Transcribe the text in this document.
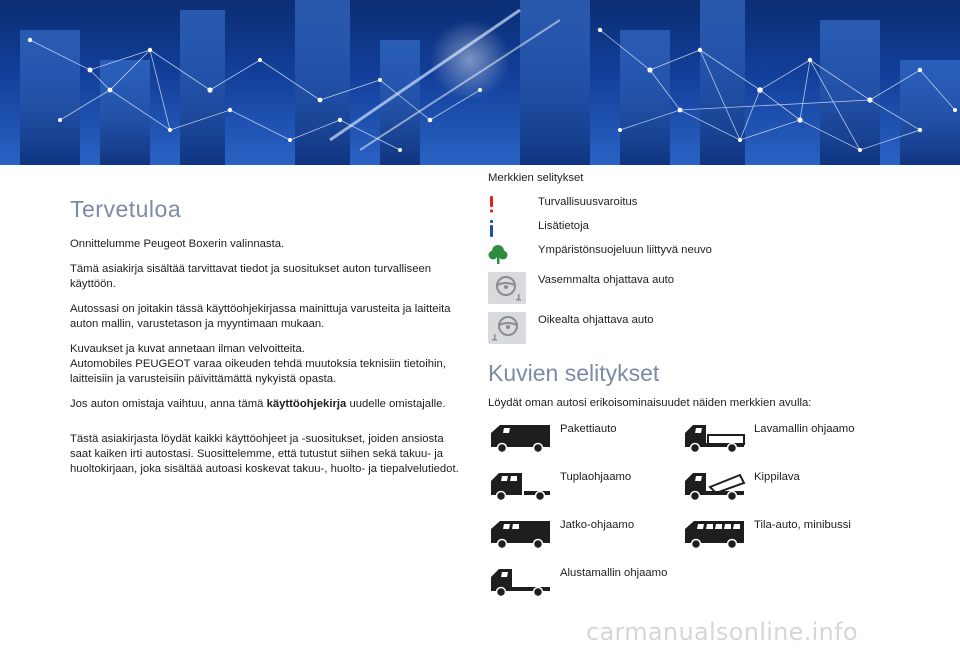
Tervetuloa

Onnittelumme Peugeot Boxerin valinnasta.

Tämä asiakirja sisältää tarvittavat tiedot ja suositukset auton turvalliseen käyttöön.

Autossasi on joitakin tässä käyttöohjekirjassa mainittuja varusteita ja laitteita auton mallin, varustetason ja myyntimaan mukaan.

Kuvaukset ja kuvat annetaan ilman velvoitteita.
Automobiles PEUGEOT varaa oikeuden tehdä muutoksia teknisiin tietoihin, laitteisiin ja varusteisiin päivittämättä nykyistä opasta.

Jos auton omistaja vaihtuu, anna tämä käyttöohjekirja uudelle omistajalle.

Tästä asiakirjasta löydät kaikki käyttöohjeet ja -suositukset, joiden ansiosta saat kaiken irti autostasi. Suosittelemme, että tutustut siihen sekä takuu- ja huoltokirjaan, joka sisältää autoasi koskevat takuu-, huolto- ja tiepalvelutiedot.

Merkkien selitykset
Turvallisuusvaroitus
Lisätietoja
Ympäristönsuojeluun liittyvä neuvo
Vasemmalta ohjattava auto
Oikealta ohjattava auto
Kuvien selitykset
Löydät oman autosi erikoisominaisuudet näiden merkkien avulla:
Pakettiauto	Lavamallin ohjaamo
Tuplaohjaamo	Kippilava
Jatko-ohjaamo	Tila-auto, minibussi
Alustamallin ohjaamo
carmanualsonline.info
